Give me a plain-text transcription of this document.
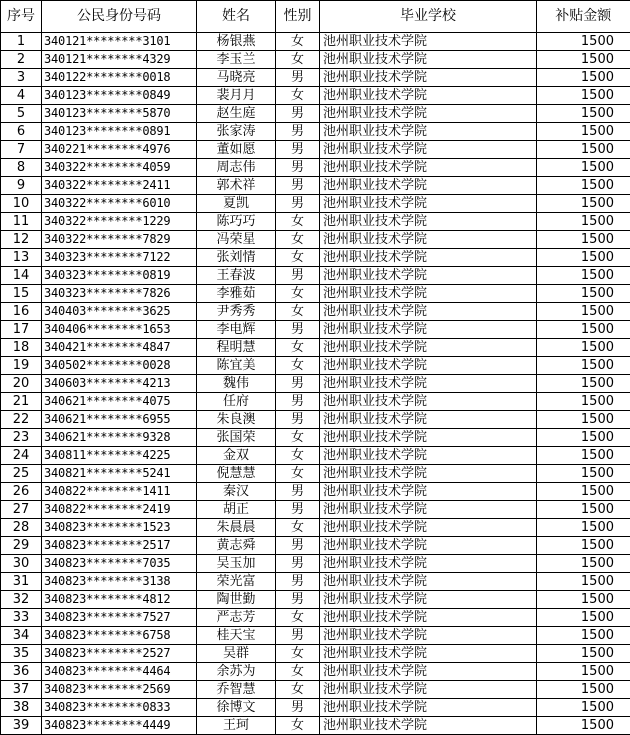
序号	公民身份号码	姓名	性别	毕业学校	补贴金额
1	340121********3101	杨银燕	女	池州职业技术学院	1500
2	340121********4329	李玉兰	女	池州职业技术学院	1500
3	340122********0018	马晓亮	男	池州职业技术学院	1500
4	340123********0849	裴月月	女	池州职业技术学院	1500
5	340123********5870	赵生庭	男	池州职业技术学院	1500
6	340123********0891	张家涛	男	池州职业技术学院	1500
7	340221********4976	董如愿	男	池州职业技术学院	1500
8	340322********4059	周志伟	男	池州职业技术学院	1500
9	340322********2411	郭术祥	男	池州职业技术学院	1500
10	340322********6010	夏凯	男	池州职业技术学院	1500
11	340322********1229	陈巧巧	女	池州职业技术学院	1500
12	340322********7829	冯荣星	女	池州职业技术学院	1500
13	340323********7122	张刘情	女	池州职业技术学院	1500
14	340323********0819	王春波	男	池州职业技术学院	1500
15	340323********7826	李雅茹	女	池州职业技术学院	1500
16	340403********3625	尹秀秀	女	池州职业技术学院	1500
17	340406********1653	李电辉	男	池州职业技术学院	1500
18	340421********4847	程明慧	女	池州职业技术学院	1500
19	340502********0028	陈宜美	女	池州职业技术学院	1500
20	340603********4213	魏伟	男	池州职业技术学院	1500
21	340621********4075	任府	男	池州职业技术学院	1500
22	340621********6955	朱良澳	男	池州职业技术学院	1500
23	340621********9328	张国荣	女	池州职业技术学院	1500
24	340811********4225	金双	女	池州职业技术学院	1500
25	340821********5241	倪慧慧	女	池州职业技术学院	1500
26	340822********1411	秦汉	男	池州职业技术学院	1500
27	340822********2419	胡正	男	池州职业技术学院	1500
28	340823********1523	朱晨晨	女	池州职业技术学院	1500
29	340823********2517	黄志舜	男	池州职业技术学院	1500
30	340823********7035	吴玉加	男	池州职业技术学院	1500
31	340823********3138	荣光富	男	池州职业技术学院	1500
32	340823********4812	陶世勤	男	池州职业技术学院	1500
33	340823********7527	严志芳	女	池州职业技术学院	1500
34	340823********6758	桂天宝	男	池州职业技术学院	1500
35	340823********2527	吴群	女	池州职业技术学院	1500
36	340823********4464	余苏为	女	池州职业技术学院	1500
37	340823********2569	乔智慧	女	池州职业技术学院	1500
38	340823********0833	徐博文	男	池州职业技术学院	1500
39	340823********4449	王珂	女	池州职业技术学院	1500
